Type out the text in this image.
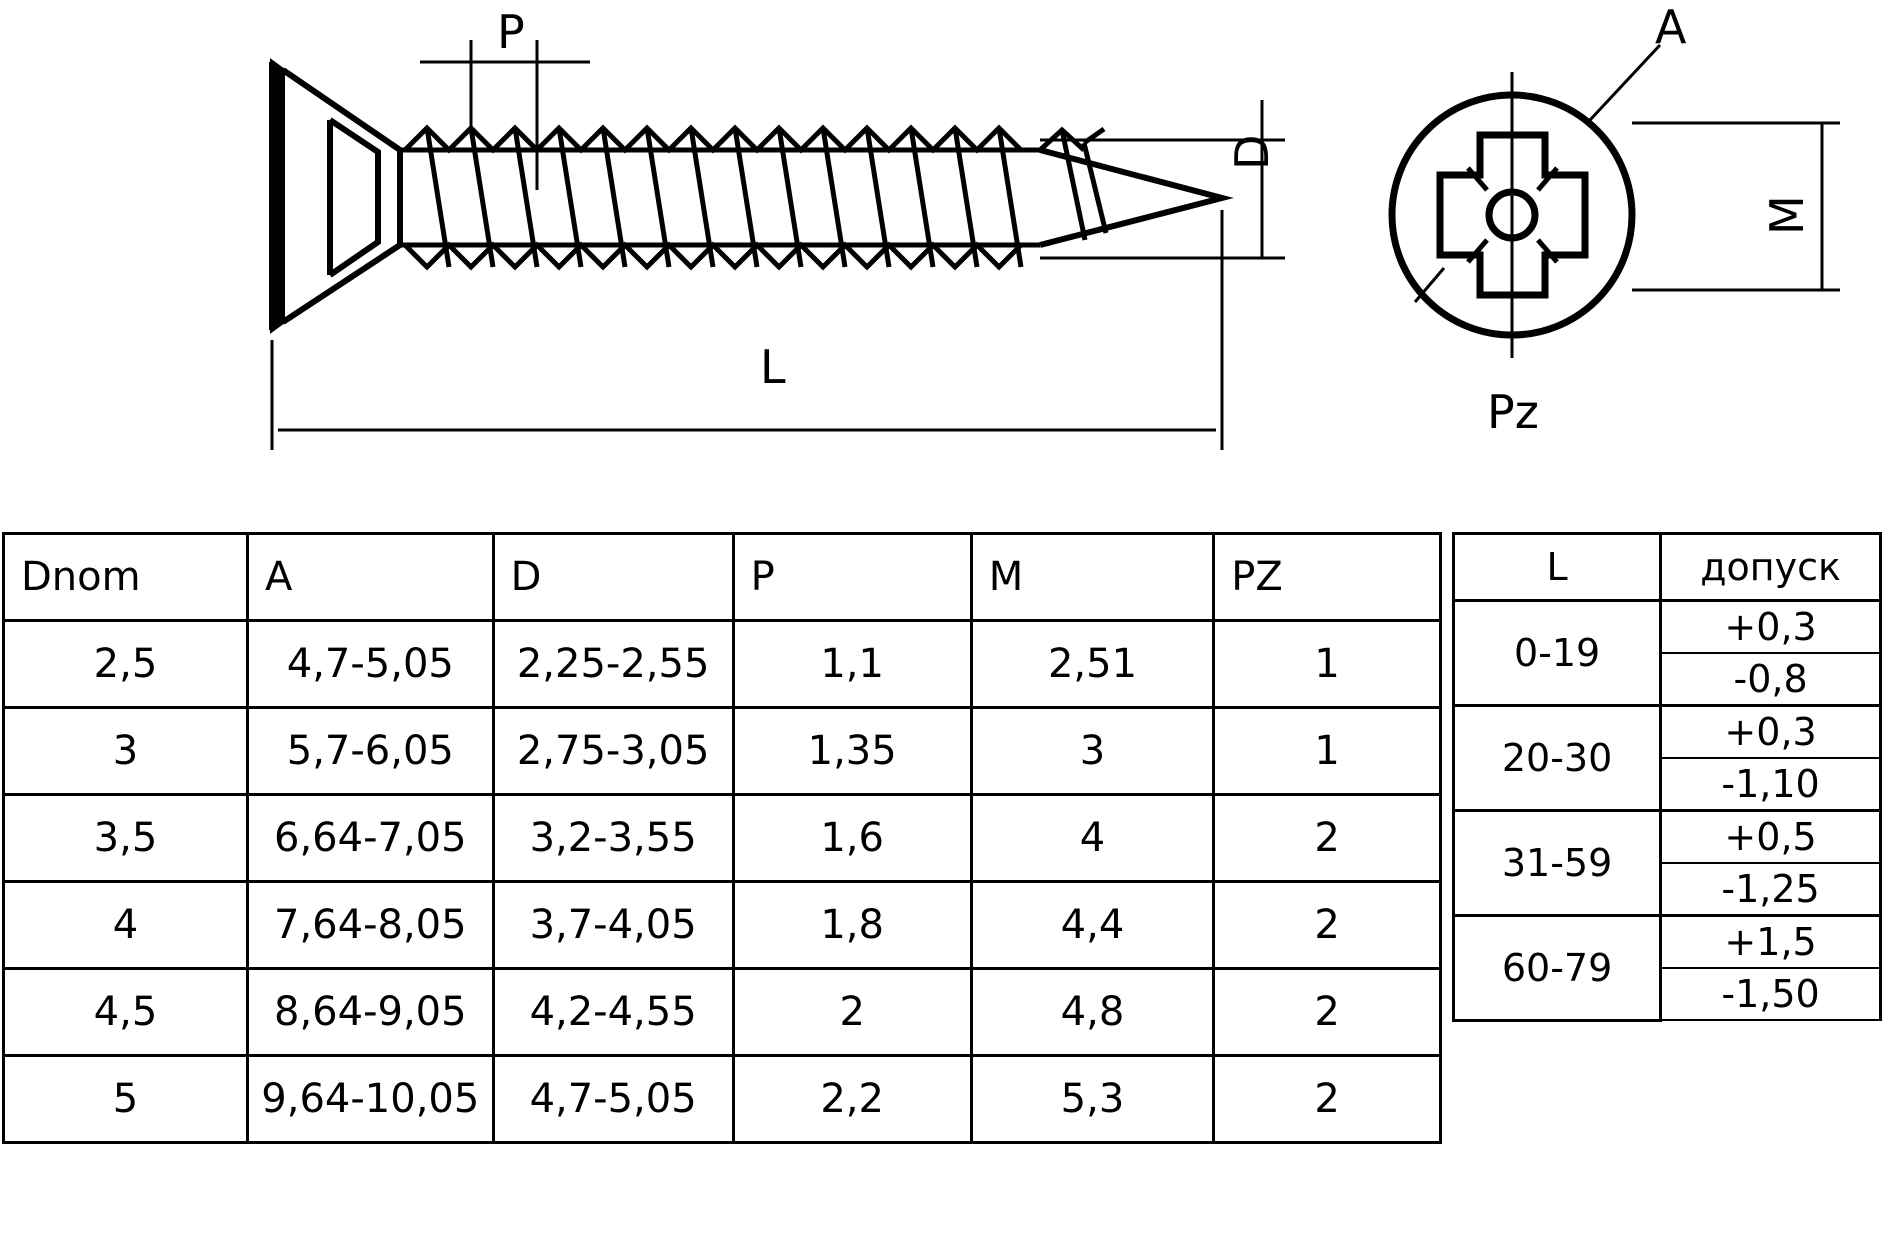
P
L
D
A
M
Pz
Dnom	A	D	P	M	PZ
2,5	4,7-5,05	2,25-2,55	1,1	2,51	1
3	5,7-6,05	2,75-3,05	1,35	3	1
3,5	6,64-7,05	3,2-3,55	1,6	4	2
4	7,64-8,05	3,7-4,05	1,8	4,4	2
4,5	8,64-9,05	4,2-4,55	2	4,8	2
5	9,64-10,05	4,7-5,05	2,2	5,3	2
L	допуск
0-19	+0,3
	-0,8
20-30	+0,3
	-1,10
31-59	+0,5
	-1,25
60-79	+1,5
	-1,50
